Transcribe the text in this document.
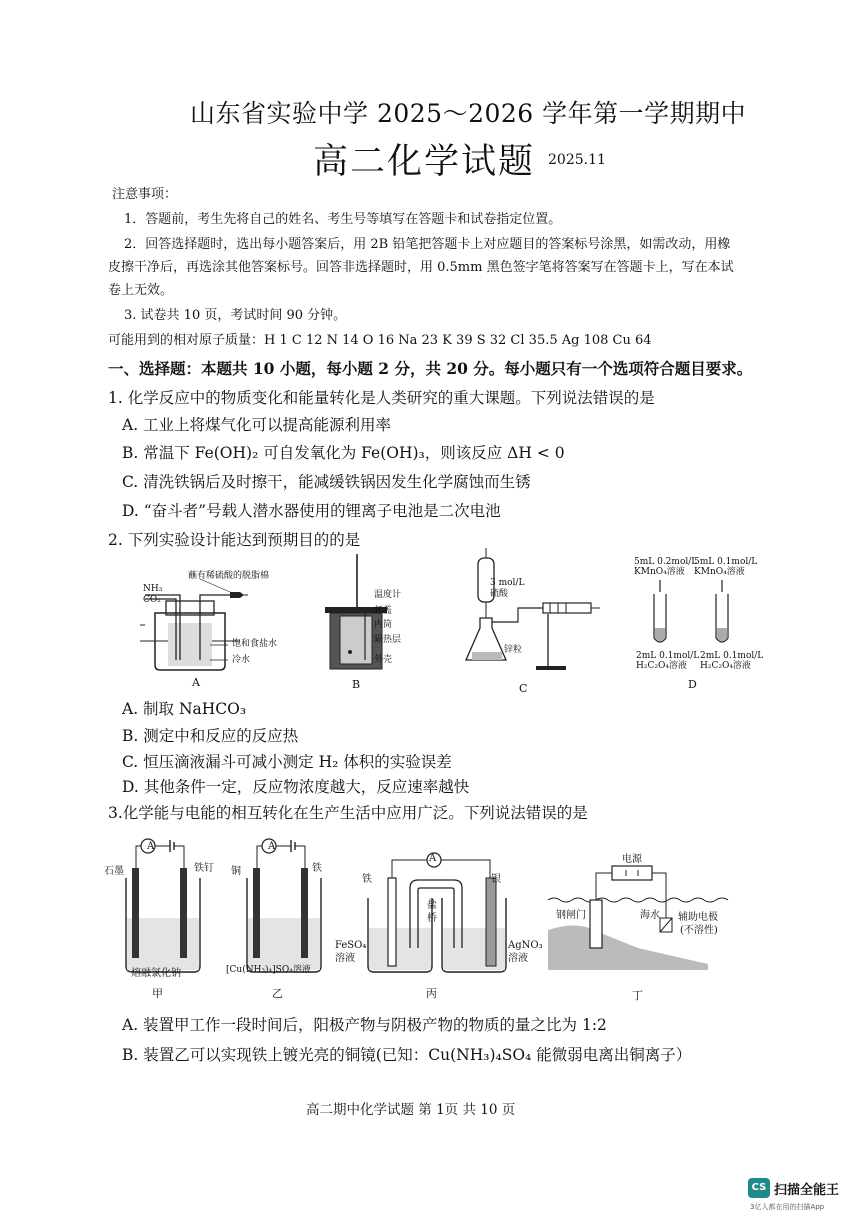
山东省实验中学 2025～2026 学年第一学期期中
高二化学试题 2025.11
注意事项：
1．答题前，考生先将自己的姓名、考生号等填写在答题卡和试卷指定位置。
2．回答选择题时，选出每小题答案后，用 2B 铅笔把答题卡上对应题目的答案标号涂黑，如需改动，用橡
皮擦干净后，再选涂其他答案标号。回答非选择题时，用 0.5mm 黑色签字笔将答案写在答题卡上，写在本试
卷上无效。
3. 试卷共 10 页，考试时间 90 分钟。
可能用到的相对原子质量：H 1 C 12 N 14 O 16 Na 23 K 39 S 32 Cl 35.5 Ag 108 Cu 64
一、选择题：本题共 10 小题，每小题 2 分，共 20 分。每小题只有一个选项符合题目要求。
1. 化学反应中的物质变化和能量转化是人类研究的重大课题。下列说法错误的是
A. 工业上将煤气化可以提高能源利用率
B. 常温下 Fe(OH)₂ 可自发氧化为 Fe(OH)₃，则该反应 ΔH < 0
C. 清洗铁锅后及时擦干，能减缓铁锅因发生化学腐蚀而生锈
D. “奋斗者”号载人潜水器使用的锂离子电池是二次电池
2. 下列实验设计能达到预期目的的是
NH₃
CO₂
蘸有稀硫酸的脱脂棉
饱和食盐水
冷水
A
温度计
杯盖
内筒
隔热层
外壳
B
3 mol/L
硫酸
锌粒
C
5mL 0.2mol/L
KMnO₄溶液
5mL 0.1mol/L
KMnO₄溶液
2mL 0.1mol/L
H₂C₂O₄溶液
2mL 0.1mol/L
H₂C₂O₄溶液
D
A. 制取 NaHCO₃
B. 测定中和反应的反应热
C. 恒压滴液漏斗可减小测定 H₂ 体积的实验误差
D. 其他条件一定，反应物浓度越大，反应速率越快
3.化学能与电能的相互转化在生产生活中应用广泛。下列说法错误的是
A
石墨	铁钉
熔融氯化钠
甲
A
铜	铁
[Cu(NH₃)₄]SO₄溶液
乙
A
铁	银
盐
桥
FeSO₄
溶液
AgNO₃
溶液
丙
电源
钢闸门	海水 辅助电极
(不溶性)
丁
A. 装置甲工作一段时间后，阳极产物与阴极产物的物质的量之比为 1:2
B. 装置乙可以实现铁上镀光亮的铜镜(已知：Cu(NH₃)₄SO₄ 能微弱电离出铜离子）
高二期中化学试题 第 1页 共 10 页
CS 扫描全能王
3亿人都在用的扫描App
